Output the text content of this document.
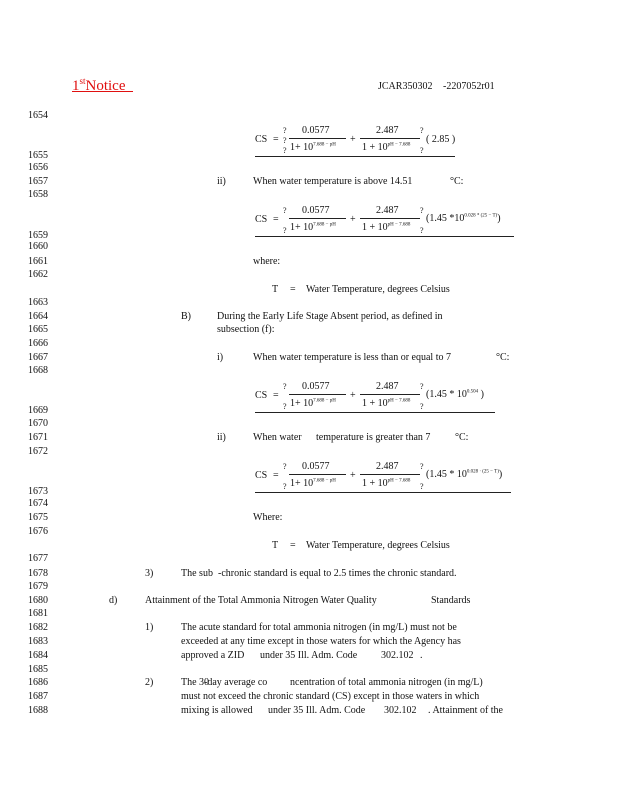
1stNotice	JCAR350302 -2207052r01
1654
1655
1656
1657
1658
1659
1660
1661
1662
1663
1664
1665
1666
1667
1668
1669
1670
1671
1672
1673
1674
1675
1676
1677
1678
1679
1680
1681
1682
1683
1684
1685
1686
1687
1688
CS =
?
?
?
0.0577
$1+ 10^{7.688 - pH}$
+
2.487
$1 + 10^{pH - 7.688}$
?
?
( 2.85 )
ii)	When water temperature is above 14.51	°C:
CS =
?
?
0.0577
$1+ 10^{7.688 - pH}$
+
2.487
$1 + 10^{pH - 7.688}$
?
?
(1.45 $*10^{0.028 * (25 - T)}$)
where:
T = Water Temperature, degrees Celsius
B)	During the Early Life Stage Absent period, as defined in
subsection (f):
i)	When water temperature is less than or equal to 7	°C:
CS =
?
?
0.0577
$1+ 10^{7.688 - pH}$
+
2.487
$1 + 10^{pH - 7.688}$
?
?
($1.45 * 10^{0.504}$ )
ii)	When water temperature is greater than 7 °C:
CS =
?
?
0.0577
$1+ 10^{7.688 - pH}$
+
2.487
$1 + 10^{pH - 7.688}$
?
?
$(1.45 * 10^{0.028 \cdot (25 - T)})$
Where:
T = Water Temperature, degrees Celsius
3)	The sub -chronic standard is equal to 2.5 times the chronic standard.
d)	Attainment of the Total Ammonia Nitrogen Water Quality	Standards
1)	The acute standard for total ammonia nitrogen (in mg/L) must not be
exceeded at any time except in those waters for which the Agency has
approved a ZID under 35 Ill. Adm. Code 302.102 .
2)	The 30
-day average co ncentration of total ammonia nitrogen (in mg/L)
must not exceed the chronic standard (CS) except in those waters in which
mixing is allowed under 35 Ill. Adm. Code 302.102 . Attainment of the
